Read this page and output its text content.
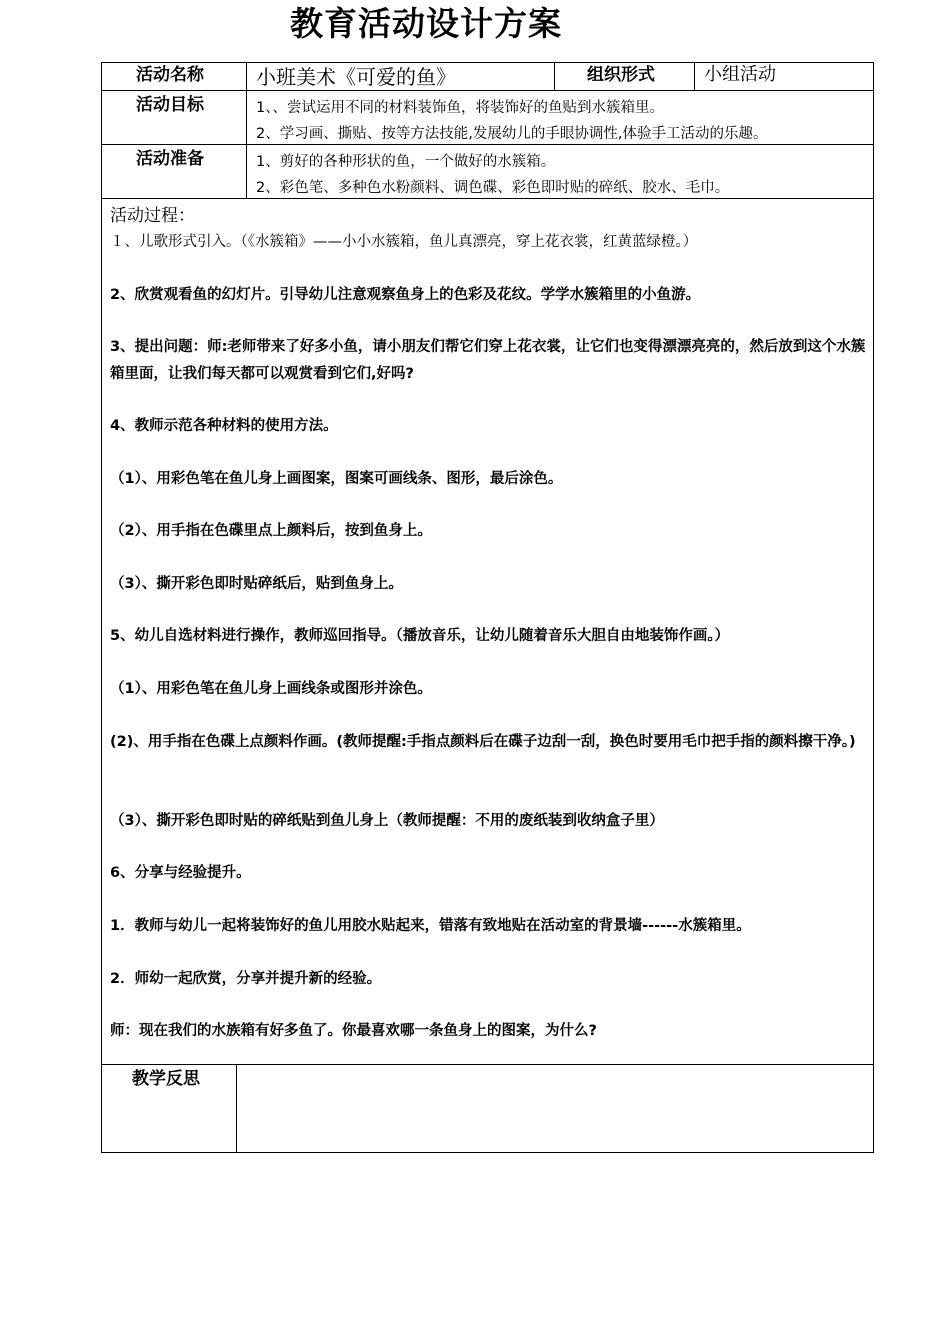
教育活动设计方案
活动名称	小班美术《可爱的鱼》	组织形式	小组活动
活动目标	1、、尝试运用不同的材料装饰鱼，将装饰好的鱼贴到水簇箱里。
2、学习画、撕贴、按等方法技能,发展幼儿的手眼协调性,体验手工活动的乐趣。
活动准备	1、剪好的各种形状的鱼，一个做好的水簇箱。
2、彩色笔、多种色水粉颜料、调色碟、彩色即时贴的碎纸、胶水、毛巾。
活动过程：
１、儿歌形式引入。（《水簇箱》——小小水簇箱，鱼儿真漂亮，穿上花衣裳，红黄蓝绿橙。）
2、欣赏观看鱼的幻灯片。引导幼儿注意观察鱼身上的色彩及花纹。学学水簇箱里的小鱼游。
3、提出问题：师:老师带来了好多小鱼，请小朋友们帮它们穿上花衣裳，让它们也变得漂漂亮亮的，然后放到这个水簇箱里面，让我们每天都可以观赏看到它们,好吗?
4、教师示范各种材料的使用方法。
（1）、用彩色笔在鱼儿身上画图案，图案可画线条、图形，最后涂色。
（2）、用手指在色碟里点上颜料后，按到鱼身上。
（3）、撕开彩色即时贴碎纸后，贴到鱼身上。
5、幼儿自选材料进行操作，教师巡回指导。（播放音乐，让幼儿随着音乐大胆自由地装饰作画。）
（1）、用彩色笔在鱼儿身上画线条或图形并涂色。
(2)、用手指在色碟上点颜料作画。(教师提醒:手指点颜料后在碟子边刮一刮，换色时要用毛巾把手指的颜料擦干净。)
（3）、撕开彩色即时贴的碎纸贴到鱼儿身上（教师提醒：不用的废纸装到收纳盒子里）
6、分享与经验提升。
1．教师与幼儿一起将装饰好的鱼儿用胶水贴起来，错落有致地贴在活动室的背景墙------水簇箱里。
2．师幼一起欣赏，分享并提升新的经验。
师：现在我们的水族箱有好多鱼了。你最喜欢哪一条鱼身上的图案，为什么?
教学反思
